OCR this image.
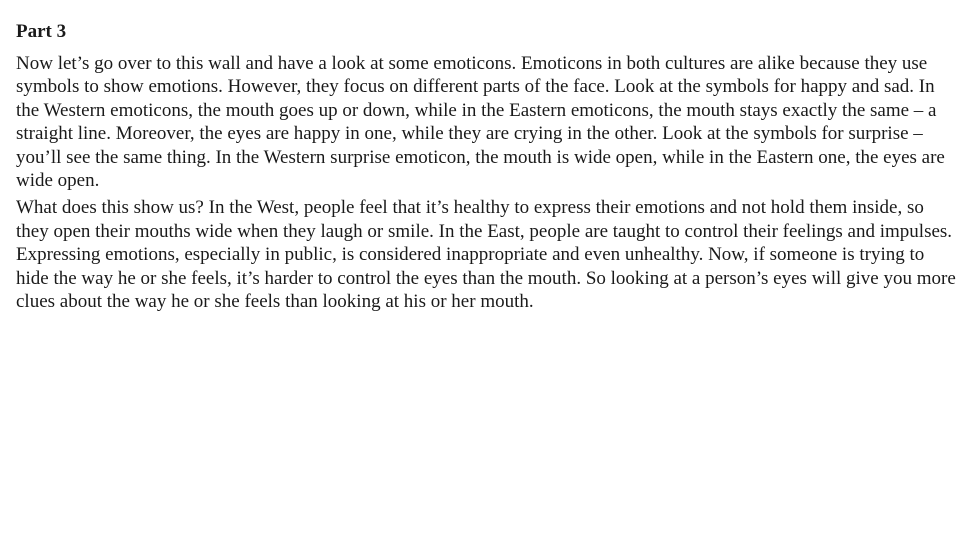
Part 3

Now let’s go over to this wall and have a look at some emoticons. Emoticons in both cultures are alike because they use symbols to show emotions. However, they focus on different parts of the face. Look at the symbols for happy and sad. In the Western emoticons, the mouth goes up or down, while in the Eastern emoticons, the mouth stays exactly the same – a straight line. Moreover, the eyes are happy in one, while they are crying in the other. Look at the symbols for surprise – you’ll see the same thing. In the Western surprise emoticon, the mouth is wide open, while in the Eastern one, the eyes are wide open.

What does this show us? In the West, people feel that it’s healthy to express their emotions and not hold them inside, so they open their mouths wide when they laugh or smile. In the East, people are taught to control their feelings and impulses. Expressing emotions, especially in public, is considered inappropriate and even unhealthy. Now, if someone is trying to hide the way he or she feels, it’s harder to control the eyes than the mouth. So looking at a person’s eyes will give you more clues about the way he or she feels than looking at his or her mouth.
